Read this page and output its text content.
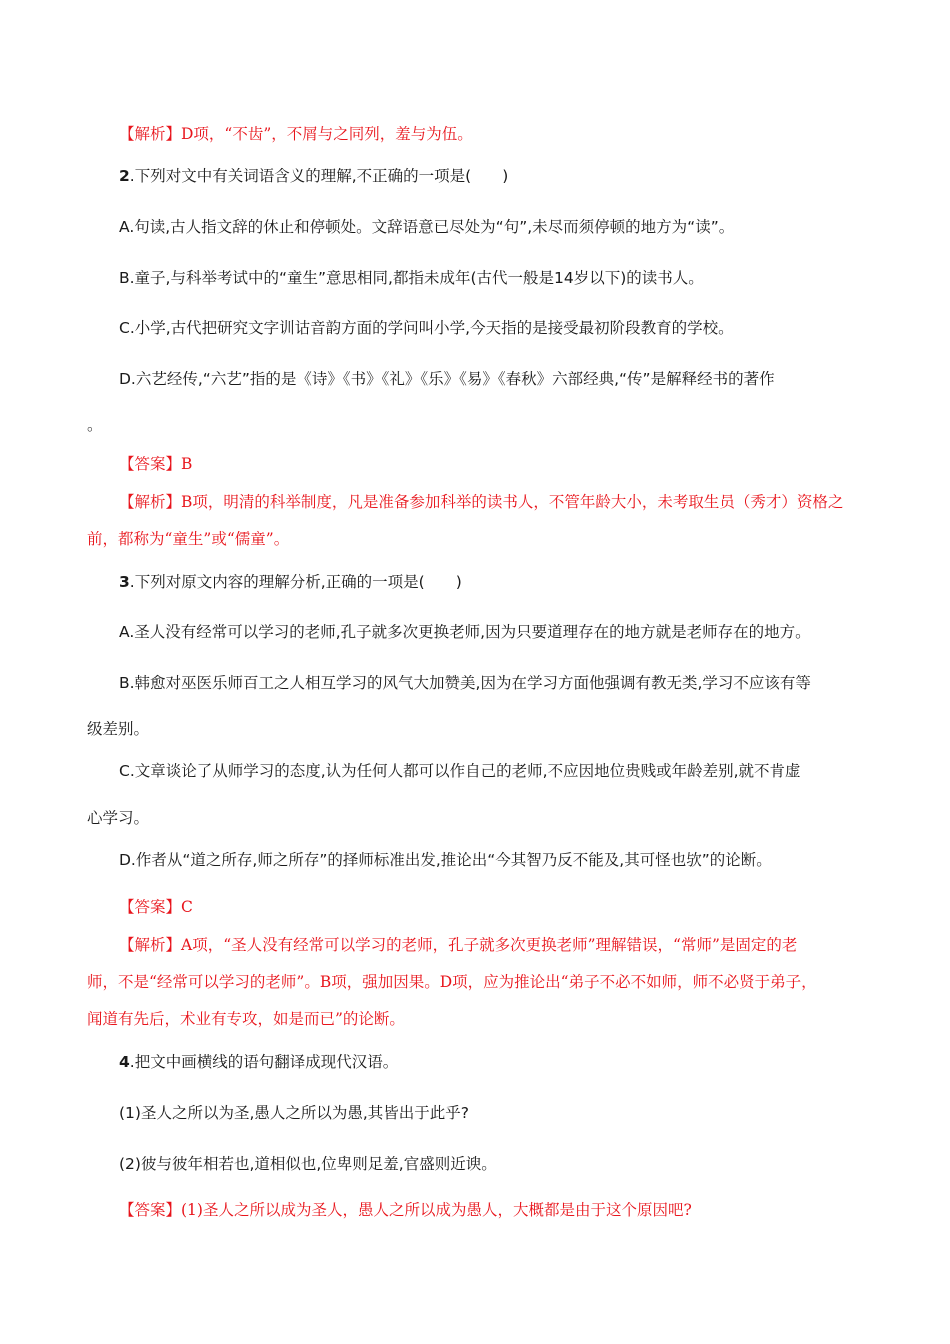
【解析】D项，“不齿”，不屑与之同列，羞与为伍。
2.下列对文中有关词语含义的理解,不正确的一项是(　　)
A.句读,古人指文辞的休止和停顿处。文辞语意已尽处为“句”,未尽而须停顿的地方为“读”。
B.童子,与科举考试中的“童生”意思相同,都指未成年(古代一般是14岁以下)的读书人。
C.小学,古代把研究文字训诂音韵方面的学问叫小学,今天指的是接受最初阶段教育的学校。
D.六艺经传,“六艺”指的是《诗》《书》《礼》《乐》《易》《春秋》六部经典,“传”是解释经书的著作
。
【答案】B
【解析】B项，明清的科举制度，凡是准备参加科举的读书人，不管年龄大小，未考取生员（秀才）资格之
前，都称为“童生”或“儒童”。
3.下列对原文内容的理解分析,正确的一项是(　　)
A.圣人没有经常可以学习的老师,孔子就多次更换老师,因为只要道理存在的地方就是老师存在的地方。
B.韩愈对巫医乐师百工之人相互学习的风气大加赞美,因为在学习方面他强调有教无类,学习不应该有等
级差别。
C.文章谈论了从师学习的态度,认为任何人都可以作自己的老师,不应因地位贵贱或年龄差别,就不肯虚
心学习。
D.作者从“道之所存,师之所存”的择师标准出发,推论出“今其智乃反不能及,其可怪也欤”的论断。
【答案】C
【解析】A项，“圣人没有经常可以学习的老师，孔子就多次更换老师”理解错误，“常师”是固定的老
师，不是“经常可以学习的老师”。B项，强加因果。D项，应为推论出“弟子不必不如师，师不必贤于弟子，
闻道有先后，术业有专攻，如是而已”的论断。
4.把文中画横线的语句翻译成现代汉语。
(1)圣人之所以为圣,愚人之所以为愚,其皆出于此乎?
(2)彼与彼年相若也,道相似也,位卑则足羞,官盛则近谀。
【答案】(1)圣人之所以成为圣人，愚人之所以成为愚人，大概都是由于这个原因吧?
